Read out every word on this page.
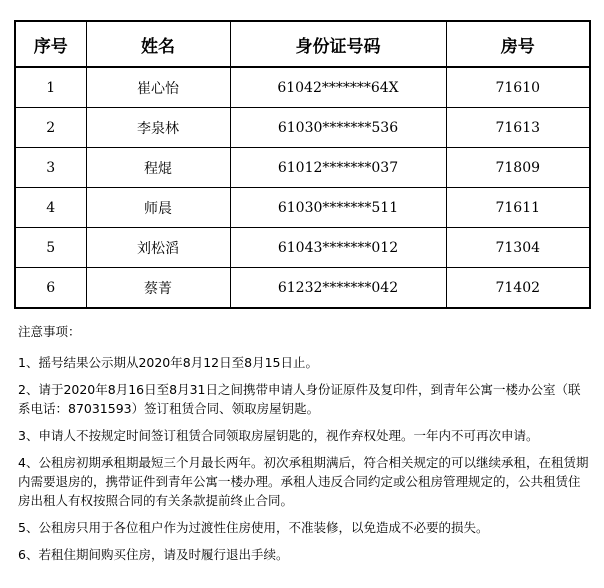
序号	姓名	身份证号码	房号
1	崔心怡	61042*******64X	71610
2	李泉林	61030*******536	71613
3	程焜	61012*******037	71809
4	师晨	61030*******511	71611
5	刘松滔	61043*******012	71304
6	蔡菁	61232*******042	71402

注意事项：

1、摇号结果公示期从2020年8月12日至8月15日止。

2、请于2020年8月16日至8月31日之间携带申请人身份证原件及复印件，到青年公寓一楼办公室（联系电话：87031593）签订租赁合同、领取房屋钥匙。

3、申请人不按规定时间签订租赁合同领取房屋钥匙的，视作弃权处理。一年内不可再次申请。

4、公租房初期承租期最短三个月最长两年。初次承租期满后，符合相关规定的可以继续承租，在租赁期内需要退房的，携带证件到青年公寓一楼办理。承租人违反合同约定或公租房管理规定的，公共租赁住房出租人有权按照合同的有关条款提前终止合同。

5、公租房只用于各位租户作为过渡性住房使用，不准装修，以免造成不必要的损失。

6、若租住期间购买住房，请及时履行退出手续。
